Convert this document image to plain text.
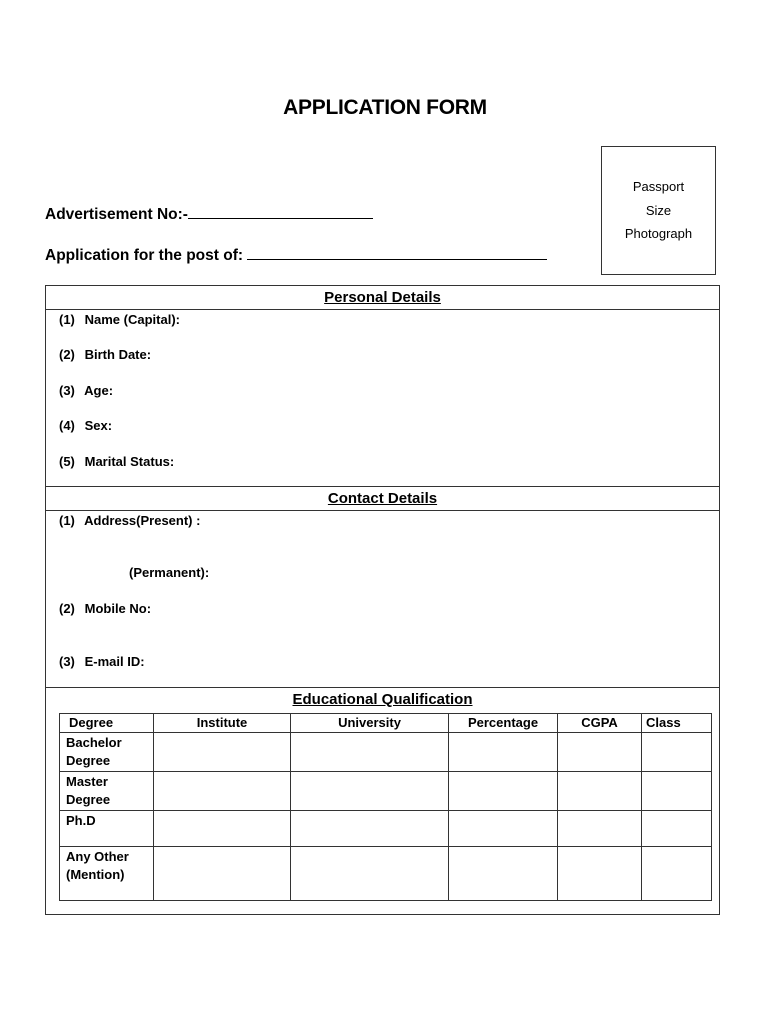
APPLICATION FORM
Passport
Size
Photograph
Advertisement No:-
Application for the post of:
Personal Details
(1) Name (Capital):
(2) Birth Date:
(3) Age:
(4) Sex:
(5) Marital Status:
Contact Details
(1) Address(Present) :
(Permanent):
(2) Mobile No:
(3) E-mail ID:
Educational Qualification
Degree	Institute	University	Percentage	CGPA	Class
Bachelor Degree					
Master Degree					
Ph.D					
Any Other (Mention)					
